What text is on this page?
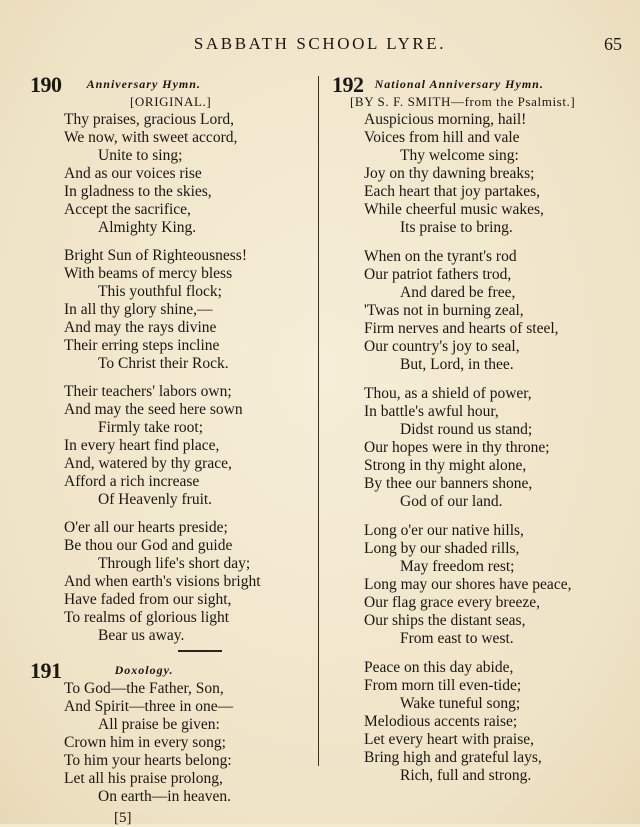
SABBATH SCHOOL LYRE.	65
190 Anniversary Hymn.
[ORIGINAL.]
Thy praises, gracious Lord,
We now, with sweet accord,
Unite to sing;
And as our voices rise
In gladness to the skies,
Accept the sacrifice,
Almighty King.
Bright Sun of Righteousness!
With beams of mercy bless
This youthful flock;
In all thy glory shine,—
And may the rays divine
Their erring steps incline
To Christ their Rock.
Their teachers' labors own;
And may the seed here sown
Firmly take root;
In every heart find place,
And, watered by thy grace,
Afford a rich increase
Of Heavenly fruit.
O'er all our hearts preside;
Be thou our God and guide
Through life's short day;
And when earth's visions bright
Have faded from our sight,
To realms of glorious light
Bear us away.
191	Doxology.
To God—the Father, Son,
And Spirit—three in one—
All praise be given:
Crown him in every song;
To him your hearts belong:
Let all his praise prolong,
On earth—in heaven.
[5]
192 National Anniversary Hymn.
[BY S. F. SMITH—from the Psalmist.]
Auspicious morning, hail!
Voices from hill and vale
Thy welcome sing:
Joy on thy dawning breaks;
Each heart that joy partakes,
While cheerful music wakes,
Its praise to bring.
When on the tyrant's rod
Our patriot fathers trod,
And dared be free,
'Twas not in burning zeal,
Firm nerves and hearts of steel,
Our country's joy to seal,
But, Lord, in thee.
Thou, as a shield of power,
In battle's awful hour,
Didst round us stand;
Our hopes were in thy throne;
Strong in thy might alone,
By thee our banners shone,
God of our land.
Long o'er our native hills,
Long by our shaded rills,
May freedom rest;
Long may our shores have peace,
Our flag grace every breeze,
Our ships the distant seas,
From east to west.
Peace on this day abide,
From morn till even-tide;
Wake tuneful song;
Melodious accents raise;
Let every heart with praise,
Bring high and grateful lays,
Rich, full and strong.
